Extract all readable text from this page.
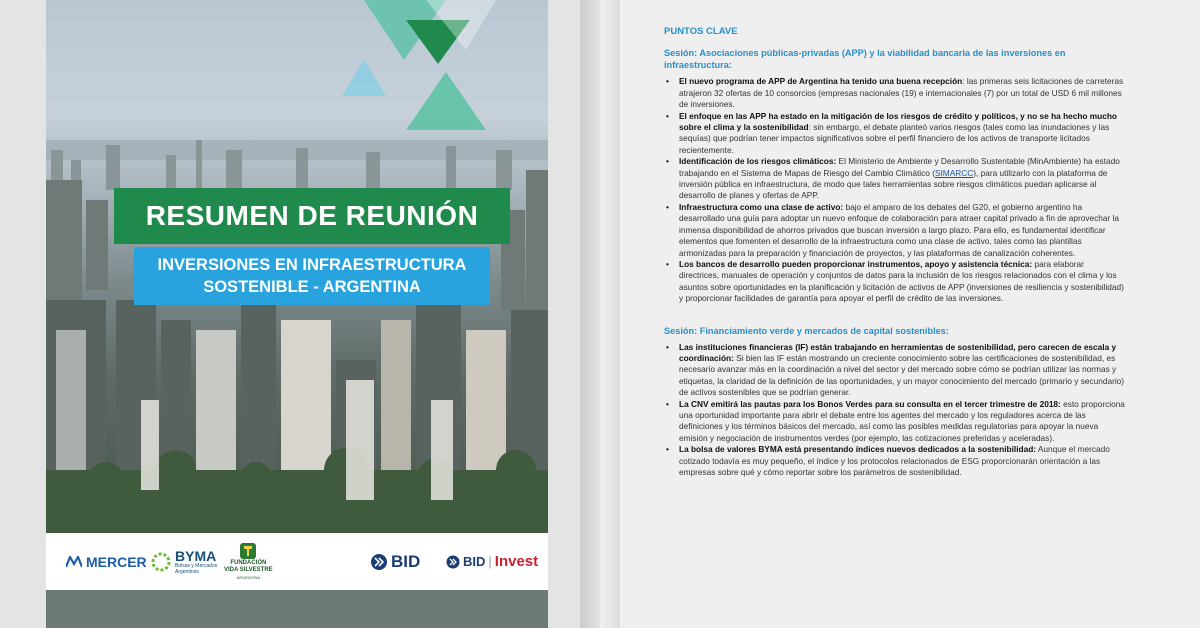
RESUMEN DE REUNIÓN
INVERSIONES EN INFRAESTRUCTURA
SOSTENIBLE - ARGENTINA
MERCER BYMA
Bolsas y Mercados Argentinos
FUNDACIÓN
VIDA SILVESTRE
ARGENTINA
BID	BID | Invest
PUNTOS CLAVE
Sesión: Asociaciones públicas-privadas (APP) y la viabilidad bancaria de las inversiones en infraestructura:
• El nuevo programa de APP de Argentina ha tenido una buena recepción: las primeras seis licitaciones de carreteras atrajeron 32 ofertas de 10 consorcios (empresas nacionales (19) e internacionales (7) por un total de USD 6 mil millones de inversiones.
• El enfoque en las APP ha estado en la mitigación de los riesgos de crédito y políticos, y no se ha hecho mucho sobre el clima y la sostenibilidad: sin embargo, el debate planteó varios riesgos (tales como las inundaciones y las sequías) que podrían tener impactos significativos sobre el perfil financiero de los activos de transporte licitados recientemente.
• Identificación de los riesgos climáticos: El Ministerio de Ambiente y Desarrollo Sustentable (MinAmbiente) ha estado trabajando en el Sistema de Mapas de Riesgo del Cambio Climático (SIMARCC), para utilizarlo con la plataforma de inversión pública en infraestructura, de modo que tales herramientas sobre riesgos climáticos puedan aplicarse al desarrollo de planes y ofertas de APP.
• Infraestructura como una clase de activo: bajo el amparo de los debates del G20, el gobierno argentino ha desarrollado una guía para adoptar un nuevo enfoque de colaboración para atraer capital privado a fin de aprovechar la inmensa disponibilidad de ahorros privados que buscan inversión a largo plazo. Para ello, es fundamental identificar elementos que fomenten el desarrollo de la infraestructura como una clase de activo, tales como las plantillas armonizadas para la preparación y financiación de proyectos, y las plataformas de canalización coherentes.
• Los bancos de desarrollo pueden proporcionar instrumentos, apoyo y asistencia técnica: para elaborar directrices, manuales de operación y conjuntos de datos para la inclusión de los riesgos relacionados con el clima y los asuntos sobre oportunidades en la planificación y licitación de activos de APP (inversiones de resiliencia y sostenibilidad) y proporcionar facilidades de garantía para apoyar el perfil de crédito de las inversiones.
Sesión: Financiamiento verde y mercados de capital sostenibles:
• Las instituciones financieras (IF) están trabajando en herramientas de sostenibilidad, pero carecen de escala y coordinación: Si bien las IF están mostrando un creciente conocimiento sobre las certificaciones de sostenibilidad, es necesario avanzar más en la coordinación a nivel del sector y del mercado sobre cómo se podrían utilizar las normas y etiquetas, la claridad de la definición de las oportunidades, y un mayor conocimiento del mercado (primario y secundario) de activos sostenibles que se podrían generar.
• La CNV emitirá las pautas para los Bonos Verdes para su consulta en el tercer trimestre de 2018: esto proporciona una oportunidad importante para abrir el debate entre los agentes del mercado y los reguladores acerca de las definiciones y los términos básicos del mercado, así como las posibles medidas regulatorias para apoyar la nueva emisión y negociación de instrumentos verdes (por ejemplo, las cotizaciones preferidas y aceleradas).
• La bolsa de valores BYMA está presentando índices nuevos dedicados a la sostenibilidad: Aunque el mercado cotizado todavía es muy pequeño, el índice y los protocolos relacionados de ESG proporcionarán orientación a las empresas sobre qué y cómo reportar sobre los parámetros de sostenibilidad.
